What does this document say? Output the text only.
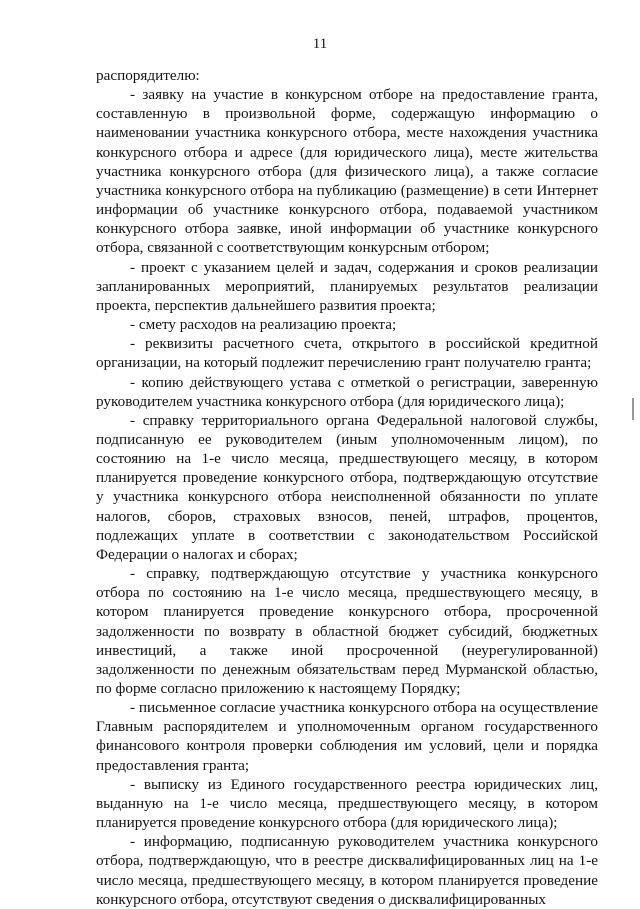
11

распорядителю:

- заявку на участие в конкурсном отборе на предоставление гранта, составленную в произвольной форме, содержащую информацию о наименовании участника конкурсного отбора, месте нахождения участника конкурсного отбора и адресе (для юридического лица), месте жительства участника конкурсного отбора (для физического лица), а также согласие участника конкурсного отбора на публикацию (размещение) в сети Интернет информации об участнике конкурсного отбора, подаваемой участником конкурсного отбора заявке, иной информации об участнике конкурсного отбора, связанной с соответствующим конкурсным отбором;

- проект с указанием целей и задач, содержания и сроков реализации запланированных мероприятий, планируемых результатов реализации проекта, перспектив дальнейшего развития проекта;

- смету расходов на реализацию проекта;

- реквизиты расчетного счета, открытого в российской кредитной организации, на который подлежит перечислению грант получателю гранта;

- копию действующего устава с отметкой о регистрации, заверенную руководителем участника конкурсного отбора (для юридического лица);

- справку территориального органа Федеральной налоговой службы, подписанную ее руководителем (иным уполномоченным лицом), по состоянию на 1-е число месяца, предшествующего месяцу, в котором планируется проведение конкурсного отбора, подтверждающую отсутствие у участника конкурсного отбора неисполненной обязанности по уплате налогов, сборов, страховых взносов, пеней, штрафов, процентов, подлежащих уплате в соответствии с законодательством Российской Федерации о налогах и сборах;

- справку, подтверждающую отсутствие у участника конкурсного отбора по состоянию на 1-е число месяца, предшествующего месяцу, в котором планируется проведение конкурсного отбора, просроченной задолженности по возврату в областной бюджет субсидий, бюджетных инвестиций, а также иной просроченной (неурегулированной) задолженности по денежным обязательствам перед Мурманской областью, по форме согласно приложению к настоящему Порядку;

- письменное согласие участника конкурсного отбора на осуществление Главным распорядителем и уполномоченным органом государственного финансового контроля проверки соблюдения им условий, цели и порядка предоставления гранта;

- выписку из Единого государственного реестра юридических лиц, выданную на 1-е число месяца, предшествующего месяцу, в котором планируется проведение конкурсного отбора (для юридического лица);

- информацию, подписанную руководителем участника конкурсного отбора, подтверждающую, что в реестре дисквалифицированных лиц на 1-е число месяца, предшествующего месяцу, в котором планируется проведение конкурсного отбора, отсутствуют сведения о дисквалифицированных
